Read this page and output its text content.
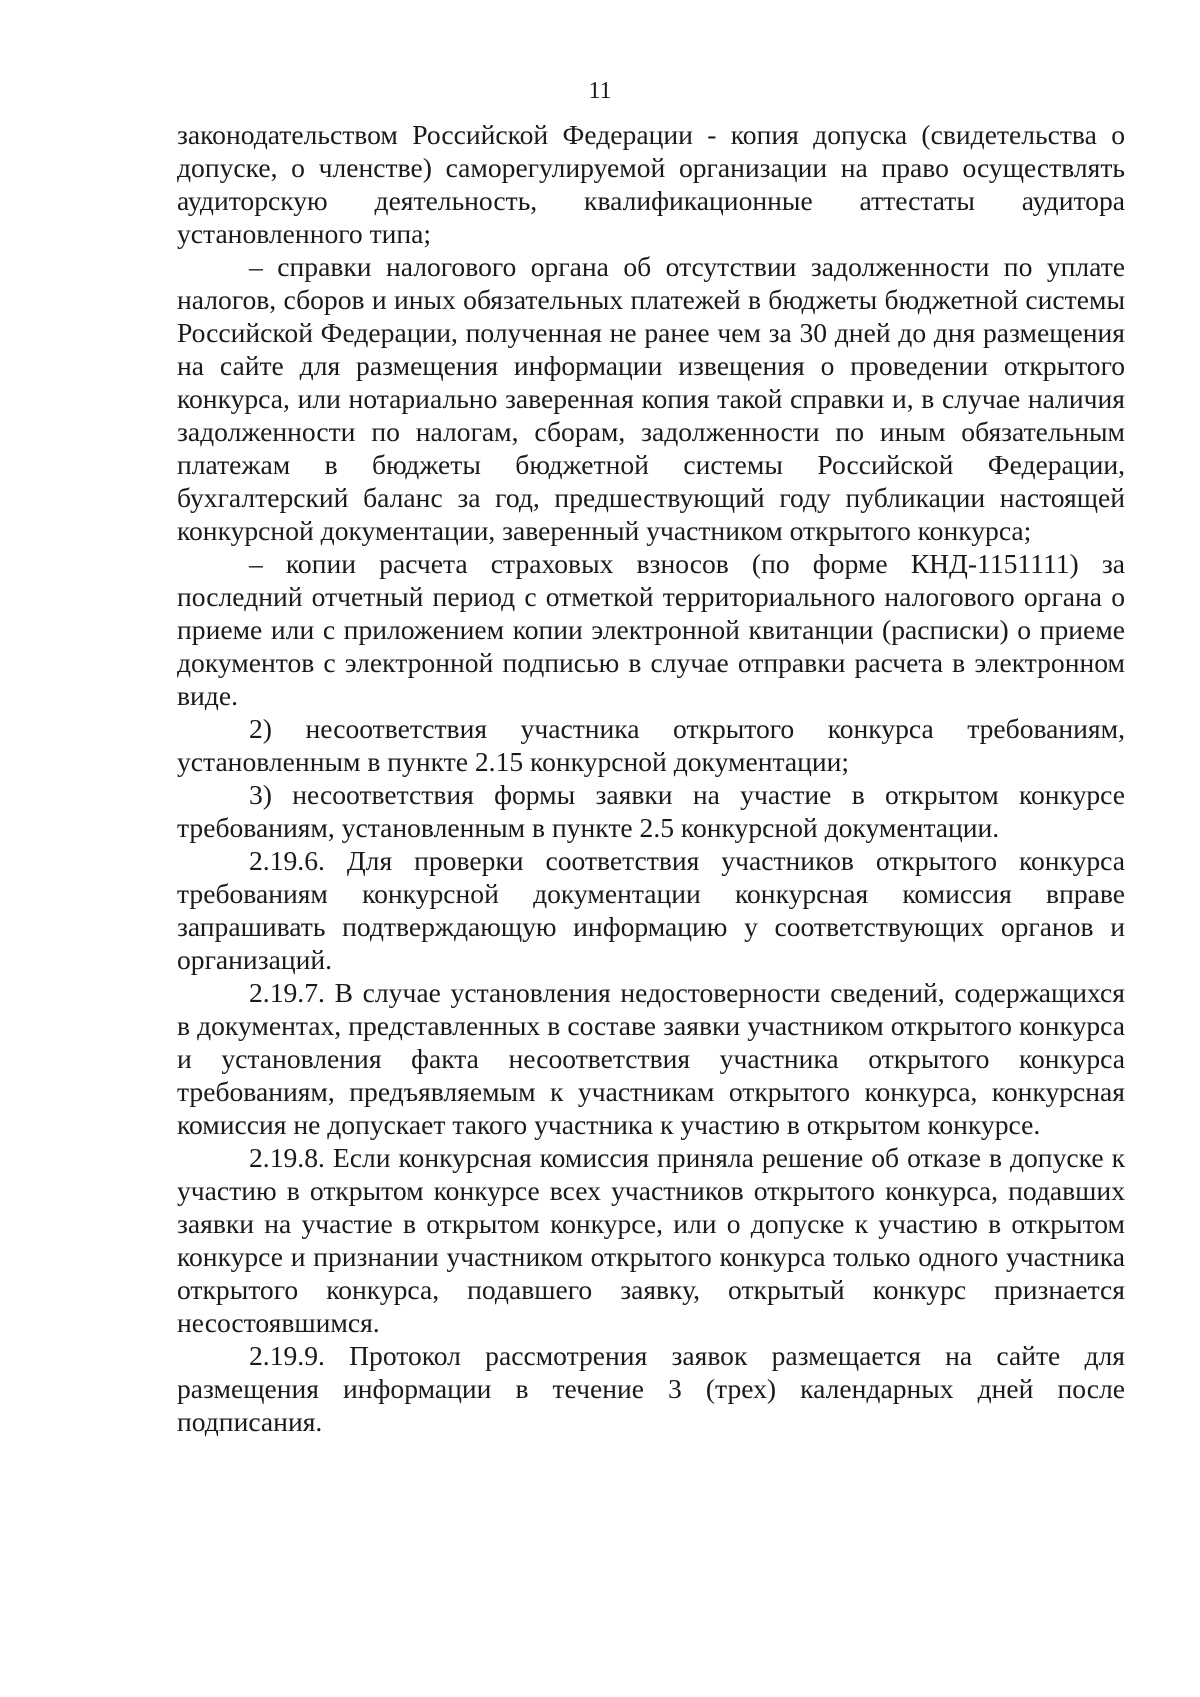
11

законодательством Российской Федерации - копия допуска (свидетельства о допуске, о членстве) саморегулируемой организации на право осуществлять аудиторскую деятельность, квалификационные аттестаты аудитора установленного типа;

– справки налогового органа об отсутствии задолженности по уплате налогов, сборов и иных обязательных платежей в бюджеты бюджетной системы Российской Федерации, полученная не ранее чем за 30 дней до дня размещения на сайте для размещения информации извещения о проведении открытого конкурса, или нотариально заверенная копия такой справки и, в случае наличия задолженности по налогам, сборам, задолженности по иным обязательным платежам в бюджеты бюджетной системы Российской Федерации, бухгалтерский баланс за год, предшествующий году публикации настоящей конкурсной документации, заверенный участником открытого конкурса;

– копии расчета страховых взносов (по форме КНД-1151111) за последний отчетный период с отметкой территориального налогового органа о приеме или с приложением копии электронной квитанции (расписки) о приеме документов с электронной подписью в случае отправки расчета в электронном виде.

2) несоответствия участника открытого конкурса требованиям, установленным в пункте 2.15 конкурсной документации;

3) несоответствия формы заявки на участие в открытом конкурсе требованиям, установленным в пункте 2.5 конкурсной документации.

2.19.6. Для проверки соответствия участников открытого конкурса требованиям конкурсной документации конкурсная комиссия вправе запрашивать подтверждающую информацию у соответствующих органов и организаций.

2.19.7. В случае установления недостоверности сведений, содержащихся в документах, представленных в составе заявки участником открытого конкурса и установления факта несоответствия участника открытого конкурса требованиям, предъявляемым к участникам открытого конкурса, конкурсная комиссия не допускает такого участника к участию в открытом конкурсе.

2.19.8. Если конкурсная комиссия приняла решение об отказе в допуске к участию в открытом конкурсе всех участников открытого конкурса, подавших заявки на участие в открытом конкурсе, или о допуске к участию в открытом конкурсе и признании участником открытого конкурса только одного участника открытого конкурса, подавшего заявку, открытый конкурс признается несостоявшимся.

2.19.9. Протокол рассмотрения заявок размещается на сайте для размещения информации в течение 3 (трех) календарных дней после подписания.
